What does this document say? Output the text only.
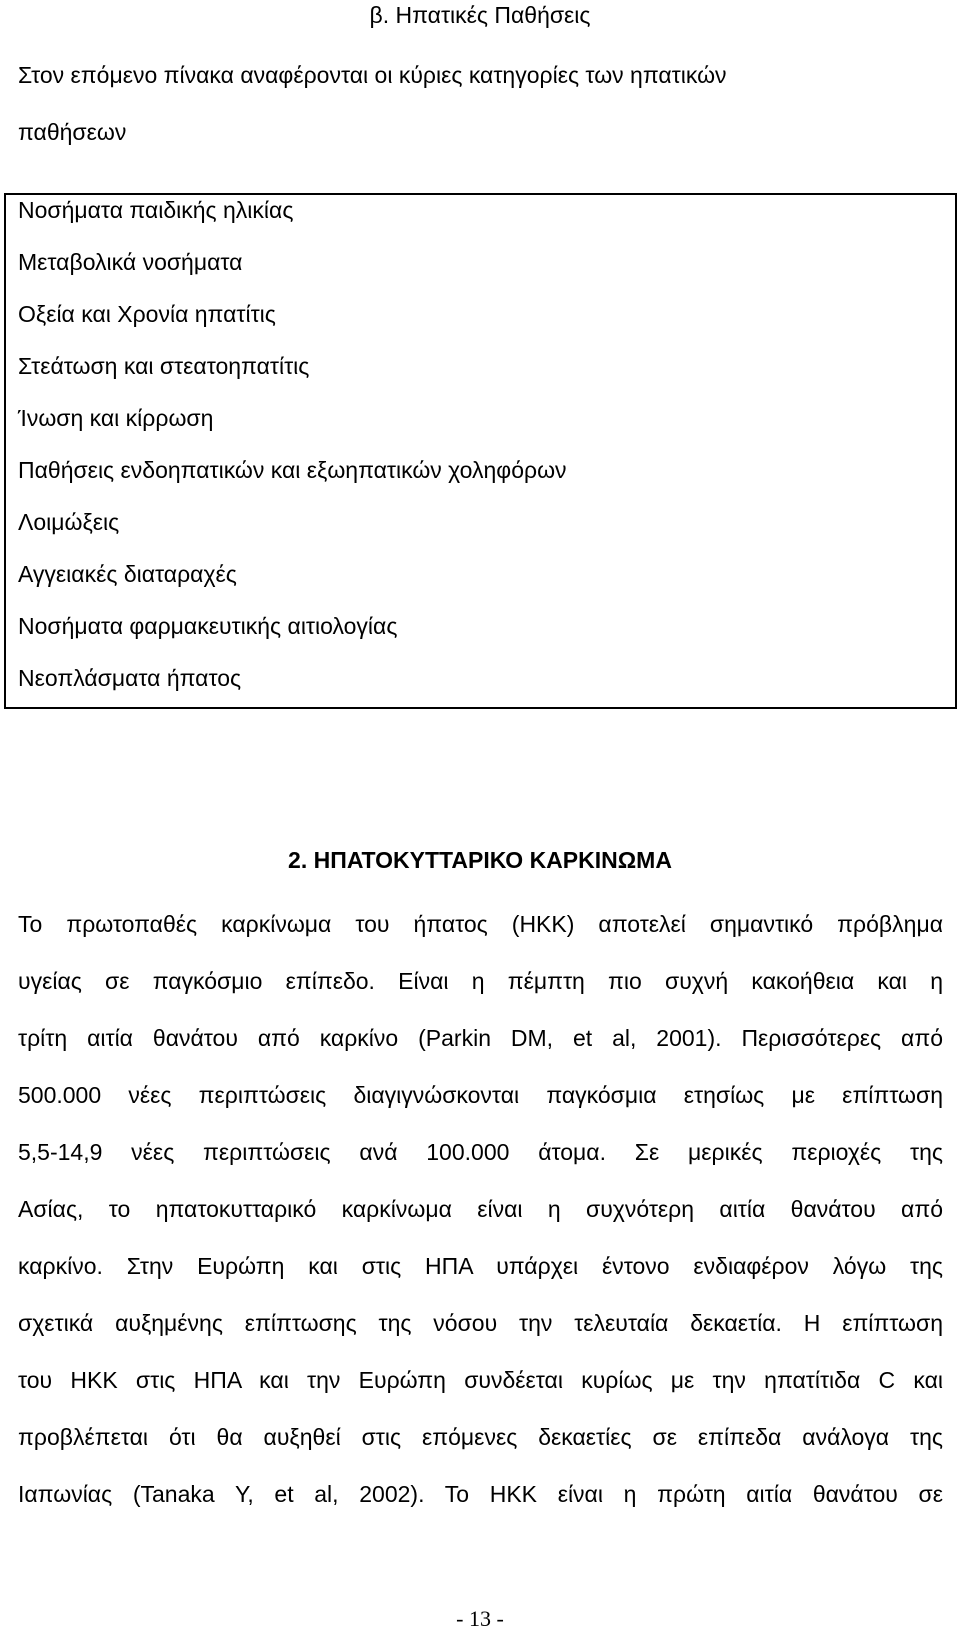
β. Ηπατικές Παθήσεις
Στον επόμενο πίνακα αναφέρονται οι κύριες κατηγορίες των ηπατικών
παθήσεων
Νοσήματα παιδικής ηλικίας
Μεταβολικά νοσήματα
Οξεία και Χρονία ηπατίτις
Στεάτωση και στεατοηπατίτις
Ίνωση και κίρρωση
Παθήσεις ενδοηπατικών και εξωηπατικών χοληφόρων
Λοιμώξεις
Αγγειακές διαταραχές
Νοσήματα φαρμακευτικής αιτιολογίας
Νεοπλάσματα ήπατος
2. ΗΠΑΤΟΚΥΤΤΑΡΙΚΟ ΚΑΡΚΙΝΩΜΑ
Το πρωτοπαθές καρκίνωμα του ήπατος (ΗΚΚ) αποτελεί σημαντικό πρόβλημα
υγείας σε παγκόσμιο επίπεδο. Είναι η πέμπτη πιο συχνή κακοήθεια και η
τρίτη αιτία θανάτου από καρκίνο (Parkin DM, et al, 2001). Περισσότερες από
500.000 νέες περιπτώσεις διαγιγνώσκονται παγκόσμια ετησίως με επίπτωση
5,5-14,9 νέες περιπτώσεις ανά 100.000 άτομα. Σε μερικές περιοχές της
Ασίας, το ηπατοκυτταρικό καρκίνωμα είναι η συχνότερη αιτία θανάτου από
καρκίνο. Στην Ευρώπη και στις ΗΠΑ υπάρχει έντονο ενδιαφέρον λόγω της
σχετικά αυξημένης επίπτωσης της νόσου την τελευταία δεκαετία. Η επίπτωση
του ΗΚΚ στις ΗΠΑ και την Ευρώπη συνδέεται κυρίως με την ηπατίτιδα C και
προβλέπεται ότι θα αυξηθεί στις επόμενες δεκαετίες σε επίπεδα ανάλογα της
Ιαπωνίας (Tanaka Y, et al, 2002). Το ΗΚΚ είναι η πρώτη αιτία θανάτου σε
- 13 -
